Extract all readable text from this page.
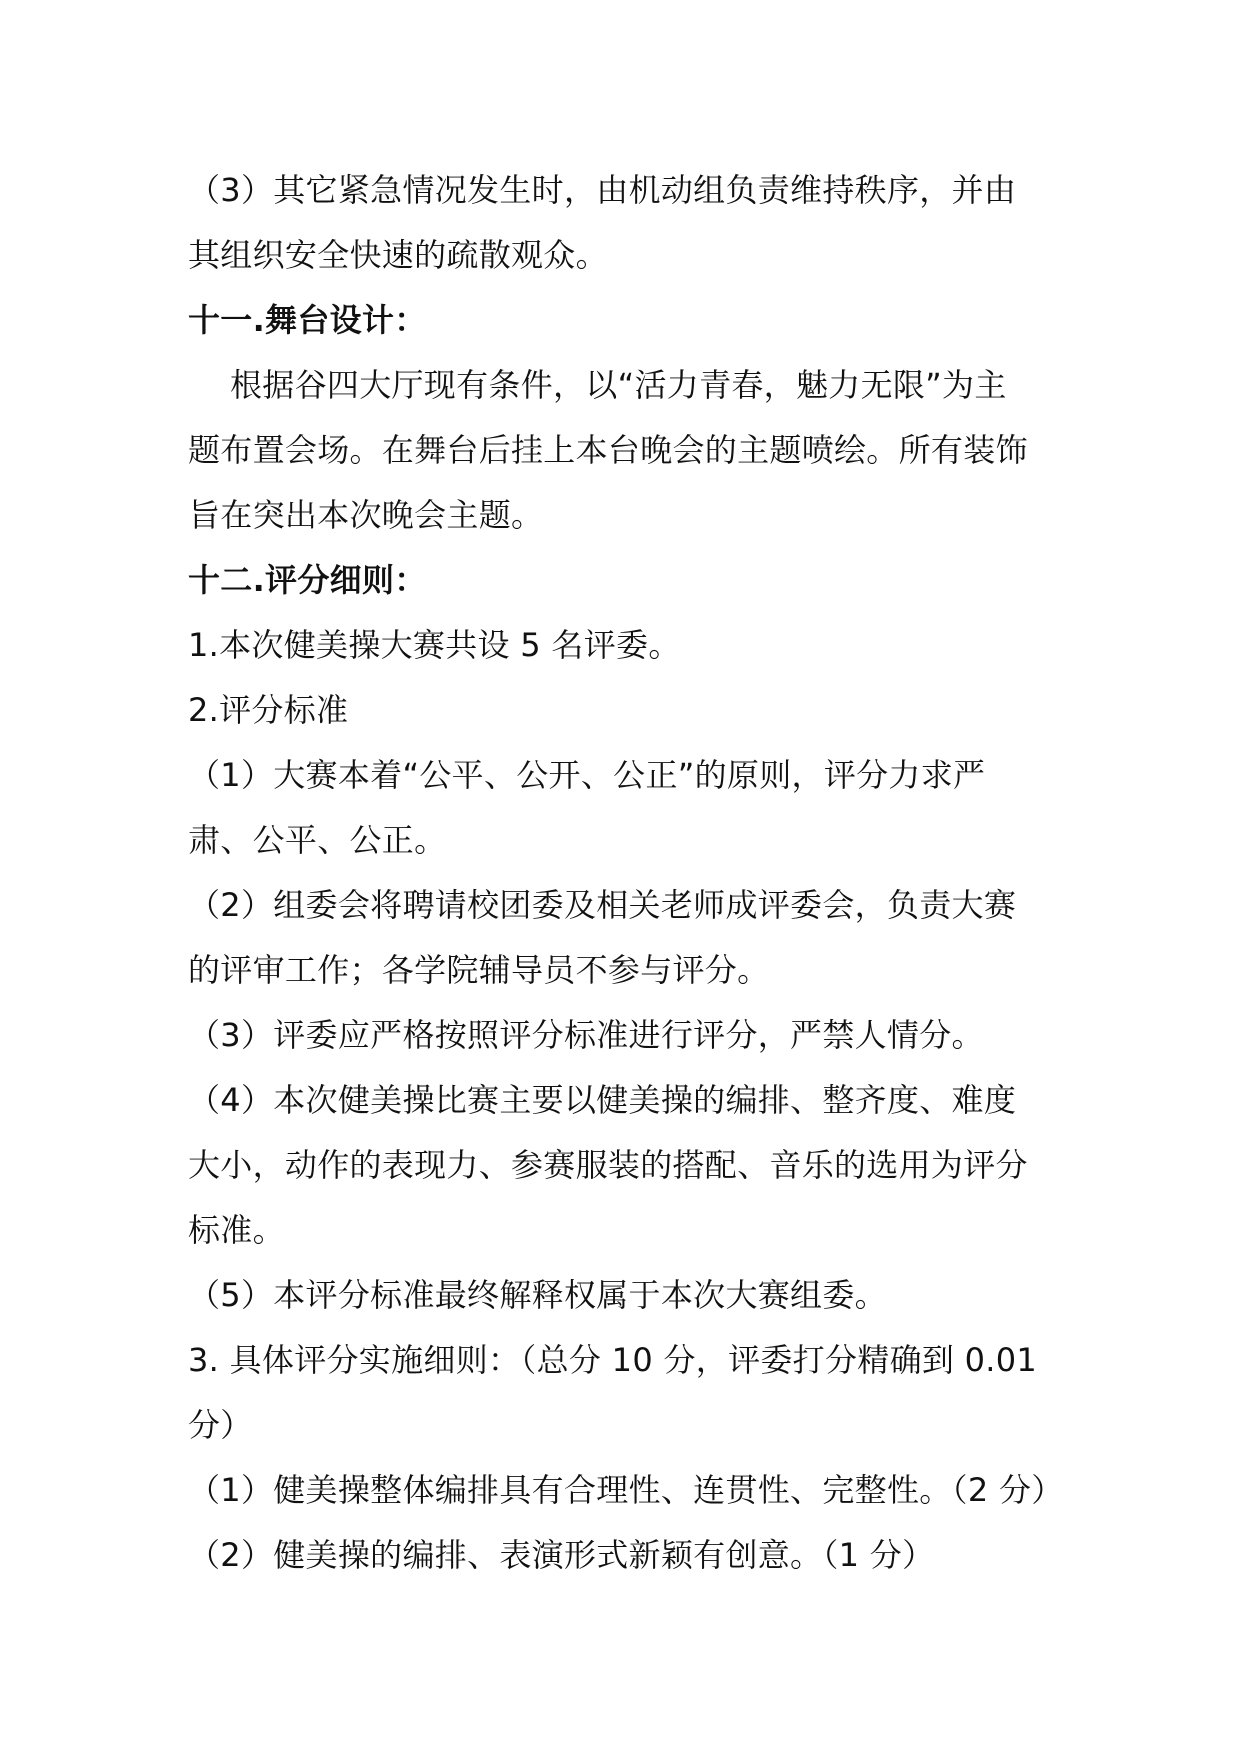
（3）其它紧急情况发生时，由机动组负责维持秩序，并由
其组织安全快速的疏散观众。
十一.舞台设计：
根据谷四大厅现有条件，以“活力青春，魅力无限”为主
题布置会场。在舞台后挂上本台晚会的主题喷绘。所有装饰
旨在突出本次晚会主题。
十二.评分细则：
1.本次健美操大赛共设 5 名评委。
2.评分标准
（1）大赛本着“公平、公开、公正”的原则，评分力求严
肃、公平、公正。
（2）组委会将聘请校团委及相关老师成评委会，负责大赛
的评审工作；各学院辅导员不参与评分。
（3）评委应严格按照评分标准进行评分，严禁人情分。
（4）本次健美操比赛主要以健美操的编排、整齐度、难度
大小，动作的表现力、参赛服装的搭配、音乐的选用为评分
标准。
（5）本评分标准最终解释权属于本次大赛组委。
3. 具体评分实施细则：（总分 10 分，评委打分精确到 0.01
分）
（1）健美操整体编排具有合理性、连贯性、完整性。（2 分）
（2）健美操的编排、表演形式新颖有创意。（1 分）
